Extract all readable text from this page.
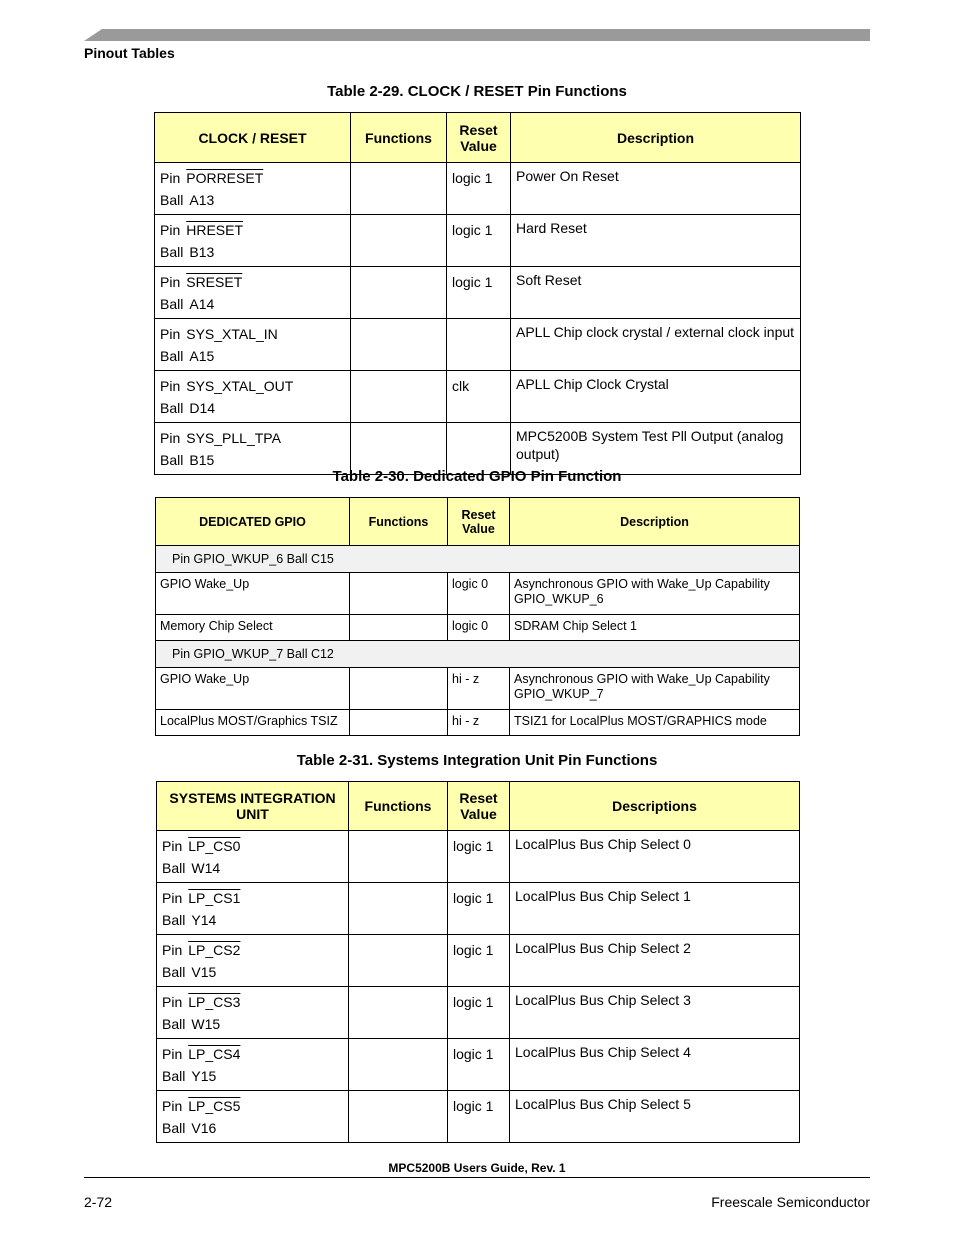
Pinout Tables
Table 2-29. CLOCK / RESET Pin Functions
CLOCK / RESET	Functions	Reset Value	Description

Pin PORRESET
Ball A13		logic 1	Power On Reset

Pin HRESET
Ball B13		logic 1	Hard Reset

Pin SRESET
Ball A14		logic 1	Soft Reset

Pin SYS_XTAL_IN
Ball A15			APLL Chip clock crystal / external clock input

Pin SYS_XTAL_OUT
Ball D14		clk	APLL Chip Clock Crystal

Pin SYS_PLL_TPA
Ball B15			MPC5200B System Test Pll Output (analog output)
Table 2-30. Dedicated GPIO Pin Function
DEDICATED GPIO	Functions	Reset Value	Description
Pin GPIO_WKUP_6 Ball C15			
GPIO Wake_Up		logic 0	Asynchronous GPIO with Wake_Up Capability GPIO_WKUP_6
Memory Chip Select		logic 0	SDRAM Chip Select 1
Pin GPIO_WKUP_7 Ball C12			
GPIO Wake_Up		hi - z	Asynchronous GPIO with Wake_Up Capability GPIO_WKUP_7
LocalPlus MOST/Graphics TSIZ		hi - z	TSIZ1 for LocalPlus MOST/GRAPHICS mode
Table 2-31. Systems Integration Unit Pin Functions
SYSTEMS INTEGRATION UNIT	Functions	Reset Value	Descriptions

Pin LP_CS0
Ball W14		logic 1	LocalPlus Bus Chip Select 0

Pin LP_CS1
Ball Y14		logic 1	LocalPlus Bus Chip Select 1

Pin LP_CS2
Ball V15		logic 1	LocalPlus Bus Chip Select 2

Pin LP_CS3
Ball W15		logic 1	LocalPlus Bus Chip Select 3

Pin LP_CS4
Ball Y15		logic 1	LocalPlus Bus Chip Select 4

Pin LP_CS5
Ball V16		logic 1	LocalPlus Bus Chip Select 5
MPC5200B Users Guide, Rev. 1
2-72	Freescale Semiconductor
